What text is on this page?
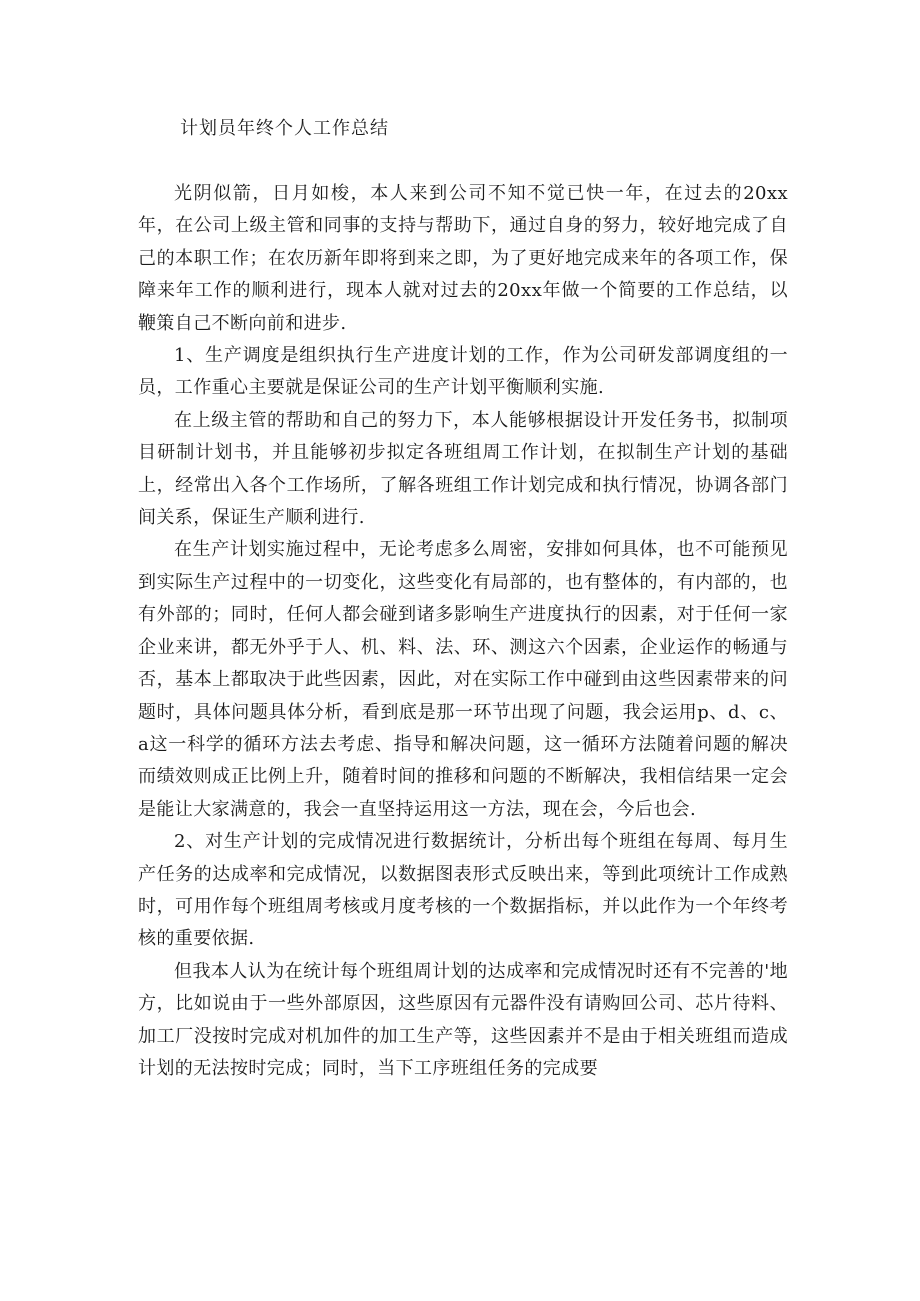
计划员年终个人工作总结

光阴似箭，日月如梭，本人来到公司不知不觉已快一年，在过去的20xx年，在公司上级主管和同事的支持与帮助下，通过自身的努力，较好地完成了自己的本职工作；在农历新年即将到来之即，为了更好地完成来年的各项工作，保障来年工作的顺利进行，现本人就对过去的20xx年做一个简要的工作总结，以鞭策自己不断向前和进步.

1、生产调度是组织执行生产进度计划的工作，作为公司研发部调度组的一员，工作重心主要就是保证公司的生产计划平衡顺利实施.

在上级主管的帮助和自己的努力下，本人能够根据设计开发任务书，拟制项目研制计划书，并且能够初步拟定各班组周工作计划，在拟制生产计划的基础上，经常出入各个工作场所，了解各班组工作计划完成和执行情况，协调各部门间关系，保证生产顺利进行.

在生产计划实施过程中，无论考虑多么周密，安排如何具体，也不可能预见到实际生产过程中的一切变化，这些变化有局部的，也有整体的，有内部的，也有外部的；同时，任何人都会碰到诸多影响生产进度执行的因素，对于任何一家企业来讲，都无外乎于人、机、料、法、环、测这六个因素，企业运作的畅通与否，基本上都取决于此些因素，因此，对在实际工作中碰到由这些因素带来的问题时，具体问题具体分析，看到底是那一环节出现了问题，我会运用p、d、c、a这一科学的循环方法去考虑、指导和解决问题，这一循环方法随着问题的解决而绩效则成正比例上升，随着时间的推移和问题的不断解决，我相信结果一定会是能让大家满意的，我会一直坚持运用这一方法，现在会，今后也会.

2、对生产计划的完成情况进行数据统计，分析出每个班组在每周、每月生产任务的达成率和完成情况，以数据图表形式反映出来，等到此项统计工作成熟时，可用作每个班组周考核或月度考核的一个数据指标，并以此作为一个年终考核的重要依据.

但我本人认为在统计每个班组周计划的达成率和完成情况时还有不完善的'地方，比如说由于一些外部原因，这些原因有元器件没有请购回公司、芯片待料、加工厂没按时完成对机加件的加工生产等，这些因素并不是由于相关班组而造成计划的无法按时完成；同时，当下工序班组任务的完成要
